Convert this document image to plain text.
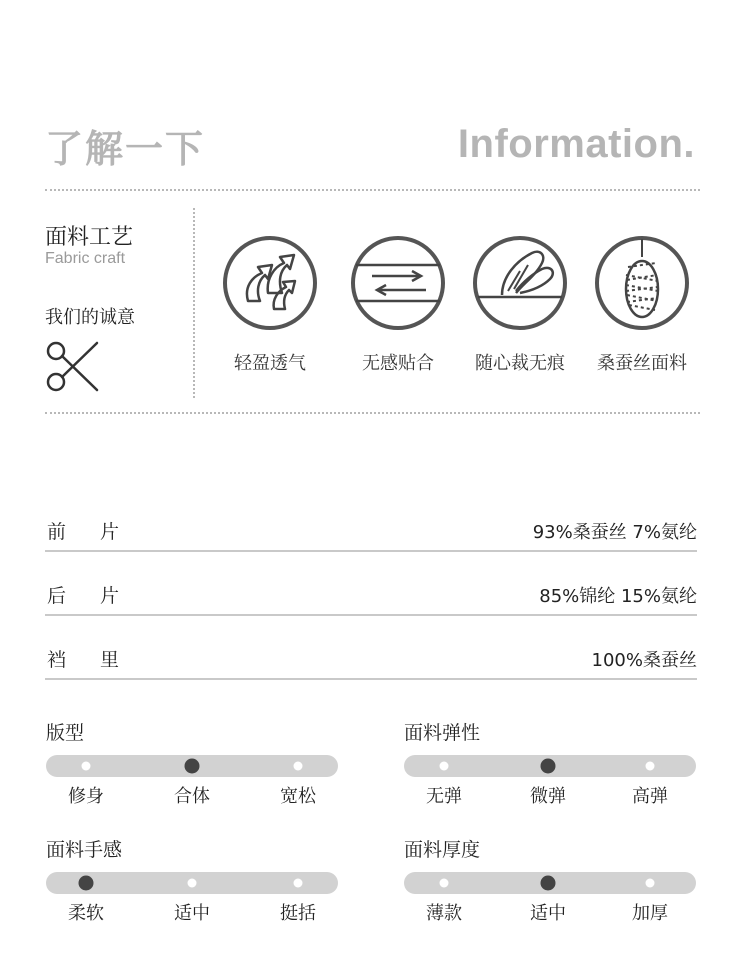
了解一下	Information.
面料工艺
Fabric craft
我们的诚意
轻盈透气	无感贴合	随心裁无痕	桑蚕丝面料
前片	93%桑蚕丝 7%氨纶
后片	85%锦纶 15%氨纶
裆里	100%桑蚕丝
版型
修身	合体	宽松
面料弹性
无弹	微弹	高弹
面料手感
柔软	适中	挺括
面料厚度
薄款	适中	加厚
